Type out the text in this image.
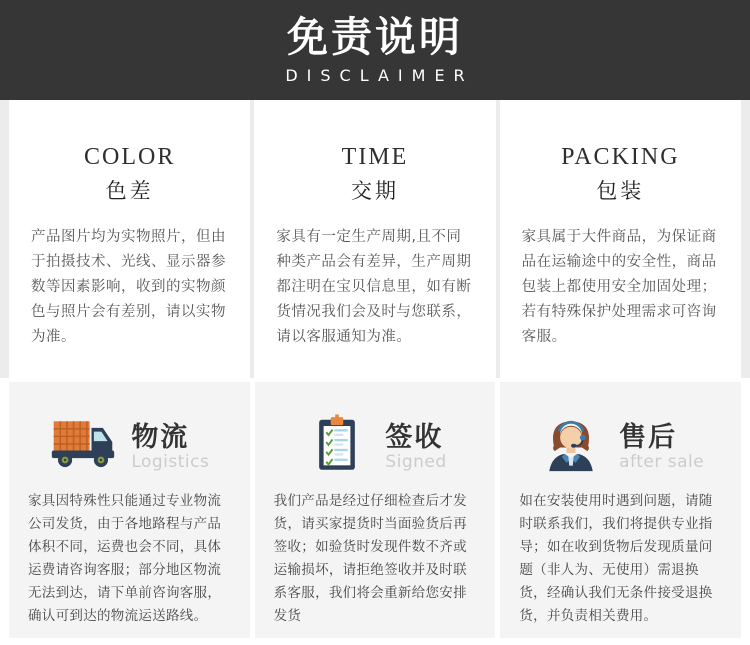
免责说明
DISCLAIMER
COLOR
色差

产品图片均为实物照片，但由于拍摄技术、光线、显示器参数等因素影响，收到的实物颜色与照片会有差别，请以实物为准。

TIME
交期

家具有一定生产周期,且不同种类产品会有差异，生产周期都注明在宝贝信息里，如有断货情况我们会及时与您联系，请以客服通知为准。

PACKING
包装

家具属于大件商品，为保证商品在运输途中的安全性，商品包装上都使用安全加固处理；若有特殊保护处理需求可咨询客服。

物流
Logistics

家具因特殊性只能通过专业物流公司发货，由于各地路程与产品体积不同，运费也会不同，具体运费请咨询客服；部分地区物流无法到达，请下单前咨询客服，确认可到达的物流运送路线。

签收
Signed

我们产品是经过仔细检查后才发货，请买家提货时当面验货后再签收；如验货时发现件数不齐或运输损坏，请拒绝签收并及时联系客服，我们将会重新给您安排发货

售后
after sale

如在安装使用时遇到问题，请随时联系我们，我们将提供专业指导；如在收到货物后发现质量问题（非人为、无使用）需退换货，经确认我们无条件接受退换货，并负责相关费用。
